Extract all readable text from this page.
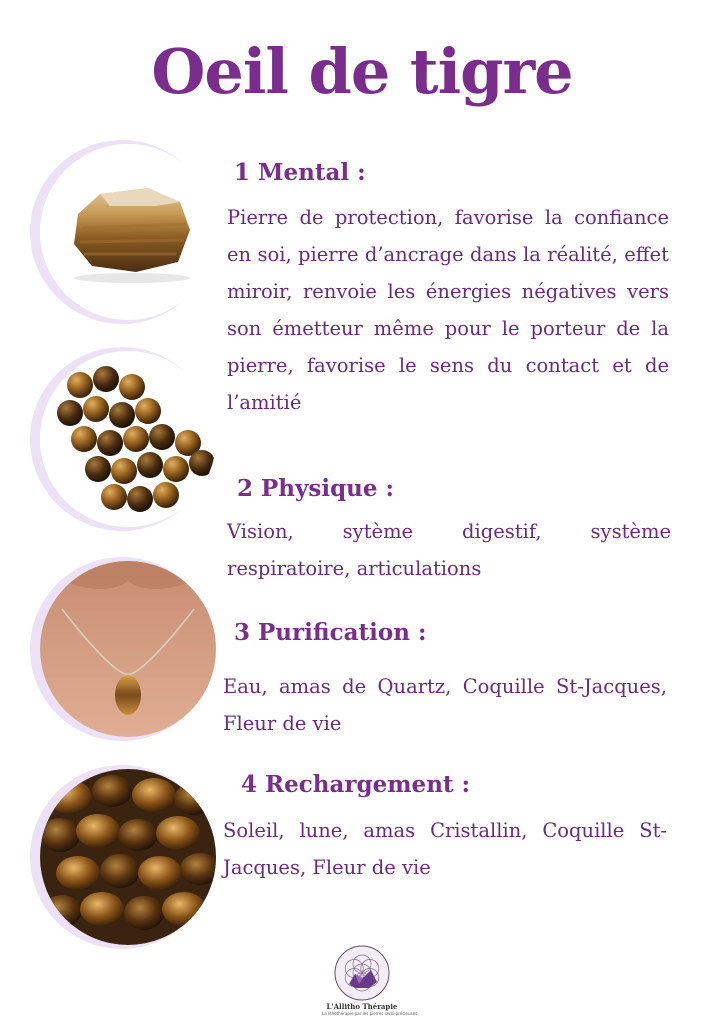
Oeil de tigre
1 Mental :
Pierre de protection, favorise la confiance en soi, pierre d’ancrage dans la réalité, effet miroir, renvoie les énergies négatives vers son émetteur même pour le porteur de la pierre, favorise le sens du contact et de l’amitié
2 Physique :
Vision, sytème digestif, système respiratoire, articulations
3 Purification :
Eau, amas de Quartz, Coquille St-Jacques, Fleur de vie
4 Rechargement :
Soleil, lune, amas Cristallin, Coquille St-Jacques, Fleur de vie
L'Allitho Thérapie
La lithothérapie par les pierres semi-précieuses
